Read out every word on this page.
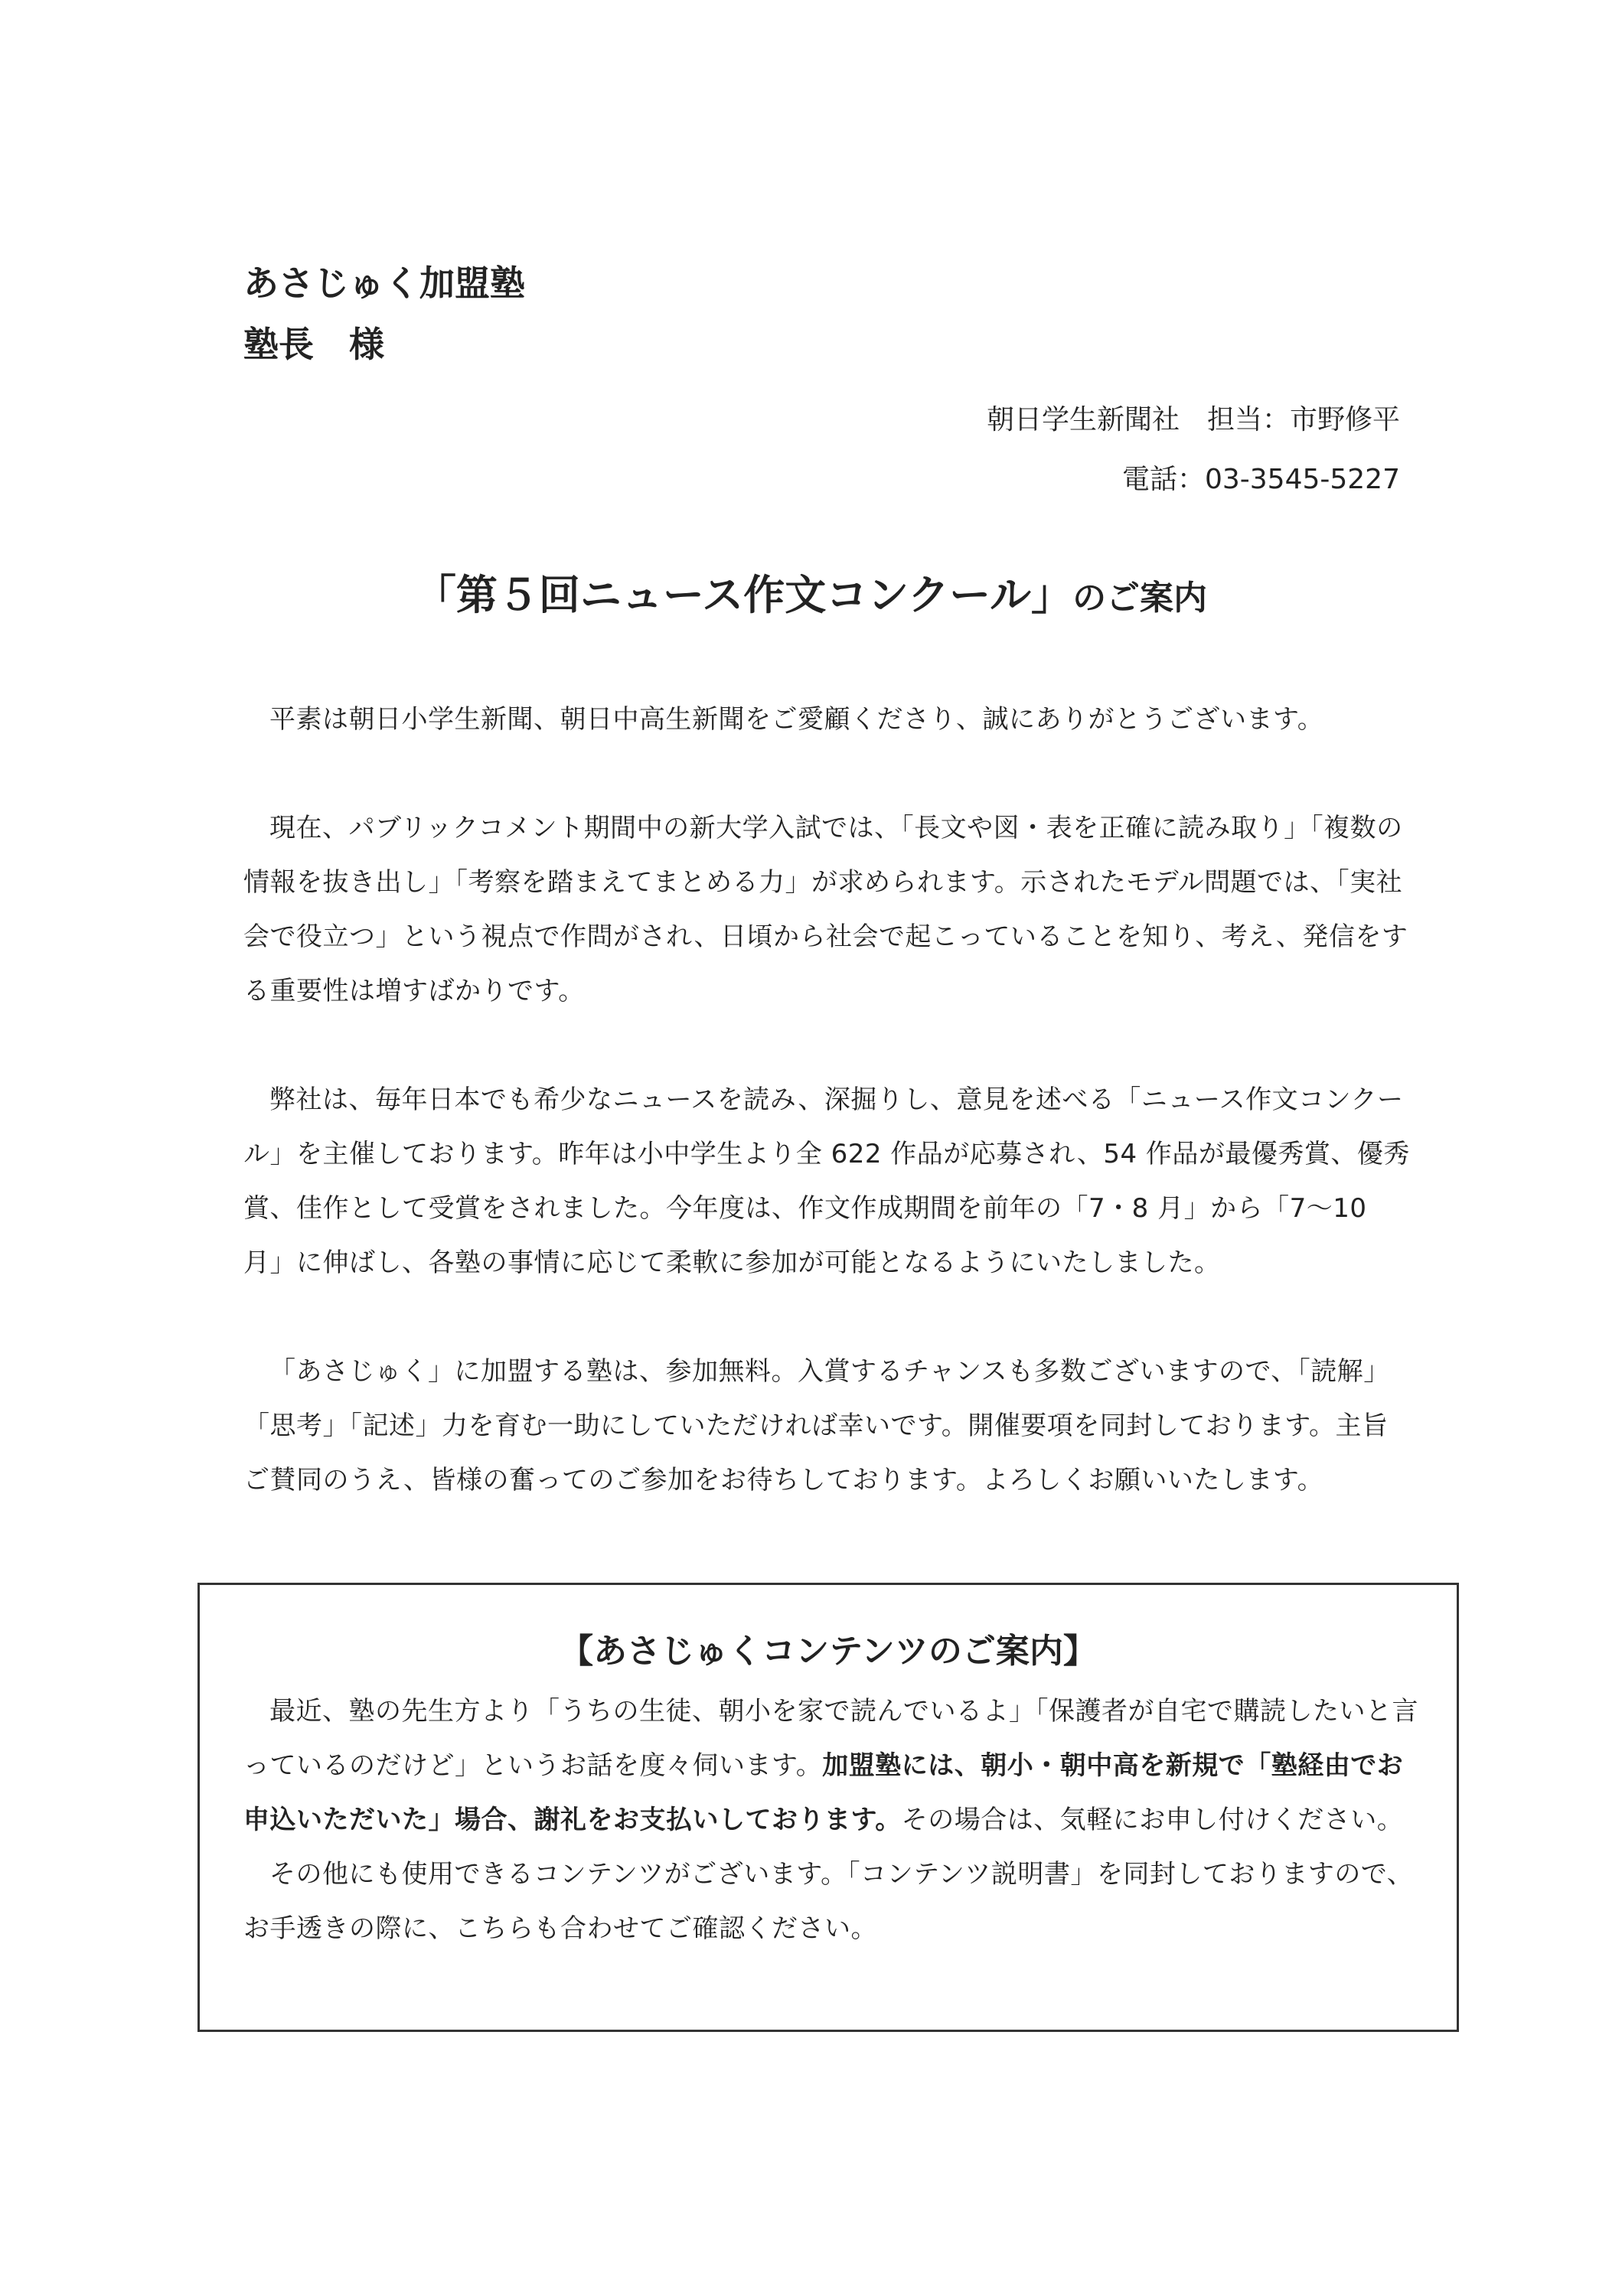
あさじゅく加盟塾
塾長　様
朝日学生新聞社　担当：市野修平
電話：03-3545-5227
「第５回ニュース作文コンクール」のご案内

平素は朝日小学生新聞、朝日中高生新聞をご愛顧くださり、誠にありがとうございます。

現在、パブリックコメント期間中の新大学入試では、「長文や図・表を正確に読み取り」「複数の情報を抜き出し」「考察を踏まえてまとめる力」が求められます。示されたモデル問題では、「実社会で役立つ」という視点で作問がされ、日頃から社会で起こっていることを知り、考え、発信をする重要性は増すばかりです。

弊社は、毎年日本でも希少なニュースを読み、深掘りし、意見を述べる「ニュース作文コンクール」を主催しております。昨年は小中学生より全 622 作品が応募され、54 作品が最優秀賞、優秀賞、佳作として受賞をされました。今年度は、作文作成期間を前年の「7・8 月」から「7～10 月」に伸ばし、各塾の事情に応じて柔軟に参加が可能となるようにいたしました。

「あさじゅく」に加盟する塾は、参加無料。入賞するチャンスも多数ございますので、「読解」「思考」「記述」力を育む一助にしていただければ幸いです。開催要項を同封しております。主旨ご賛同のうえ、皆様の奮ってのご参加をお待ちしております。よろしくお願いいたします。

【あさじゅくコンテンツのご案内】

最近、塾の先生方より「うちの生徒、朝小を家で読んでいるよ」「保護者が自宅で購読したいと言っているのだけど」というお話を度々伺います。加盟塾には、朝小・朝中高を新規で「塾経由でお申込いただいた」場合、謝礼をお支払いしております。その場合は、気軽にお申し付けください。

その他にも使用できるコンテンツがございます。「コンテンツ説明書」を同封しておりますので、お手透きの際に、こちらも合わせてご確認ください。
